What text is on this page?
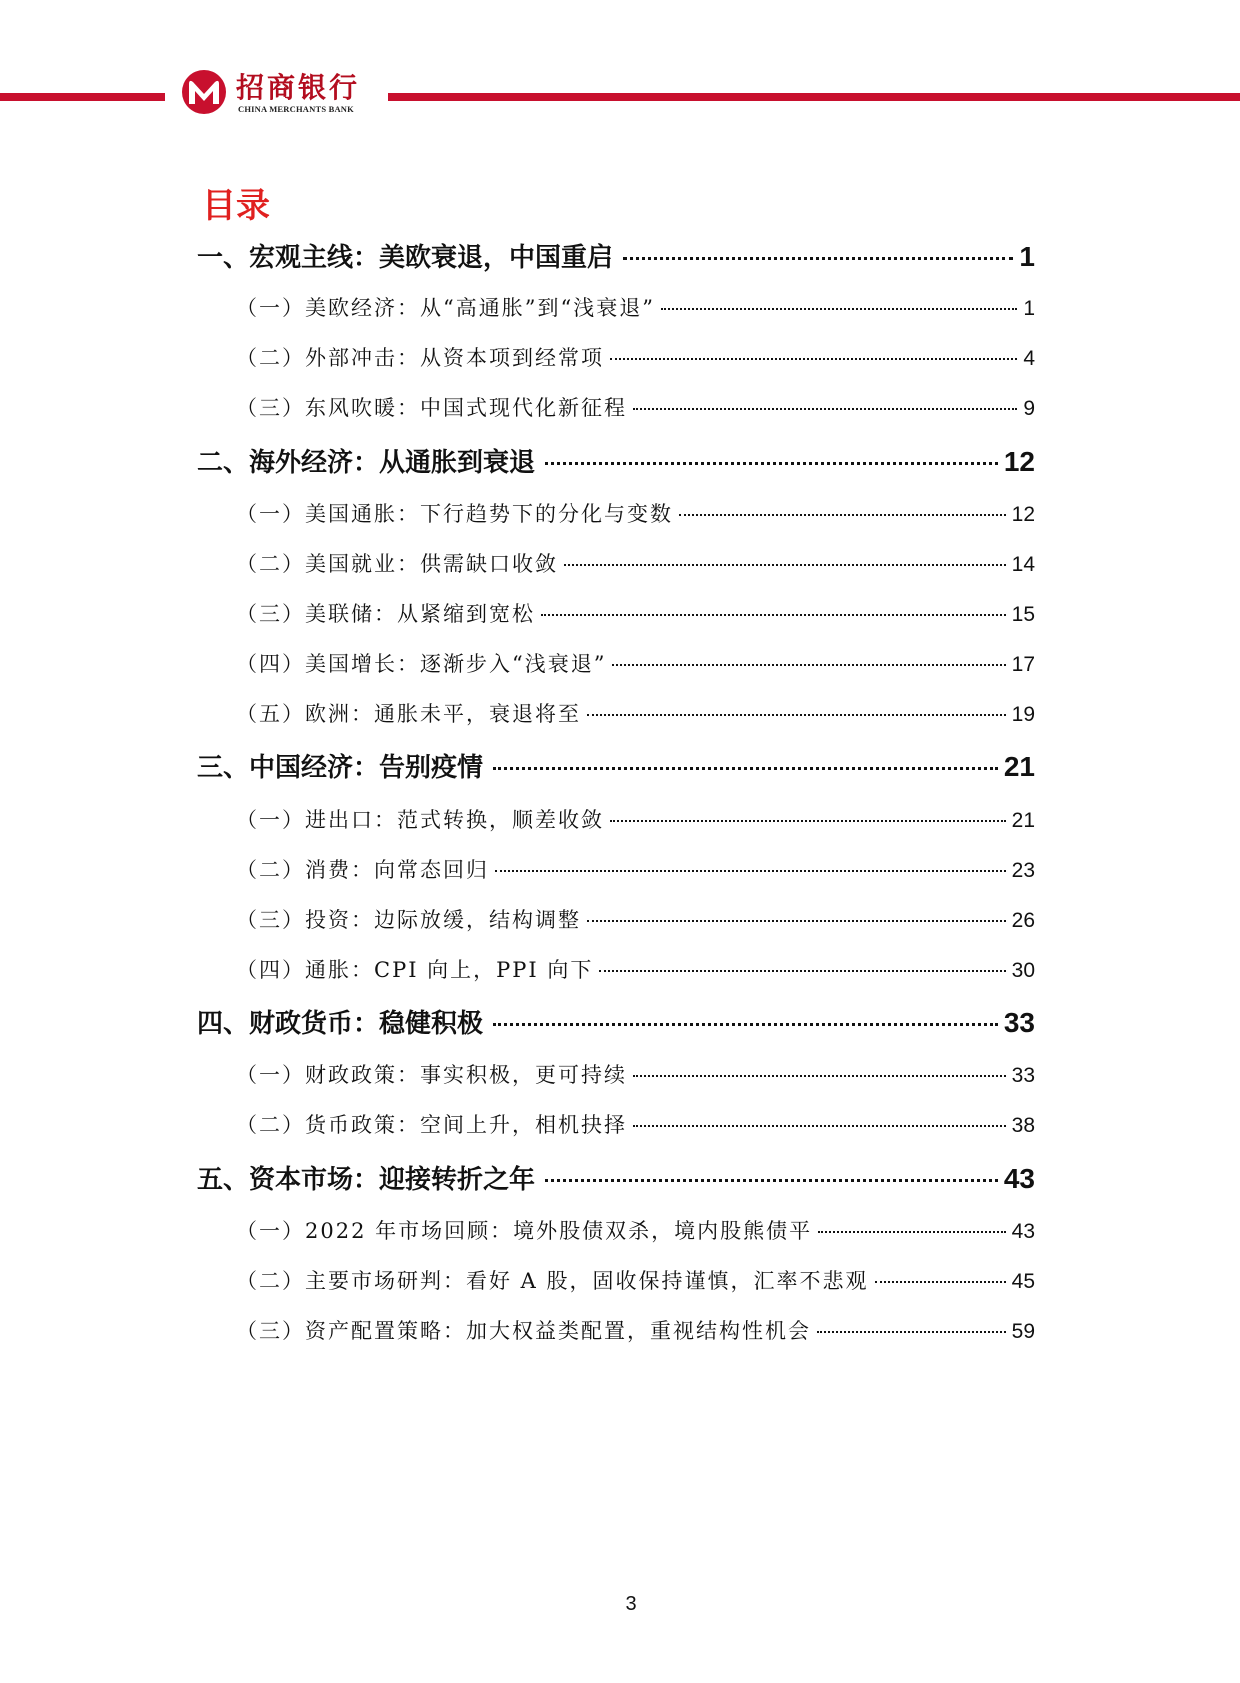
招商银行
CHINA MERCHANTS BANK
目录
一、宏观主线：美欧衰退，中国重启	1
（一）美欧经济：从“高通胀”到“浅衰退”	1
（二）外部冲击：从资本项到经常项	4
（三）东风吹暖：中国式现代化新征程	9
二、海外经济：从通胀到衰退	12
（一）美国通胀：下行趋势下的分化与变数	12
（二）美国就业：供需缺口收敛	14
（三）美联储：从紧缩到宽松	15
（四）美国增长：逐渐步入“浅衰退”	17
（五）欧洲：通胀未平，衰退将至	19
三、中国经济：告别疫情	21
（一）进出口：范式转换，顺差收敛	21
（二）消费：向常态回归	23
（三）投资：边际放缓，结构调整	26
（四）通胀：CPI 向上，PPI 向下	30
四、财政货币：稳健积极	33
（一）财政政策：事实积极，更可持续	33
（二）货币政策：空间上升，相机抉择	38
五、资本市场：迎接转折之年	43
（一）2022 年市场回顾：境外股债双杀，境内股熊债平	43
（二）主要市场研判：看好 A 股，固收保持谨慎，汇率不悲观	45
（三）资产配置策略：加大权益类配置，重视结构性机会	59
3
